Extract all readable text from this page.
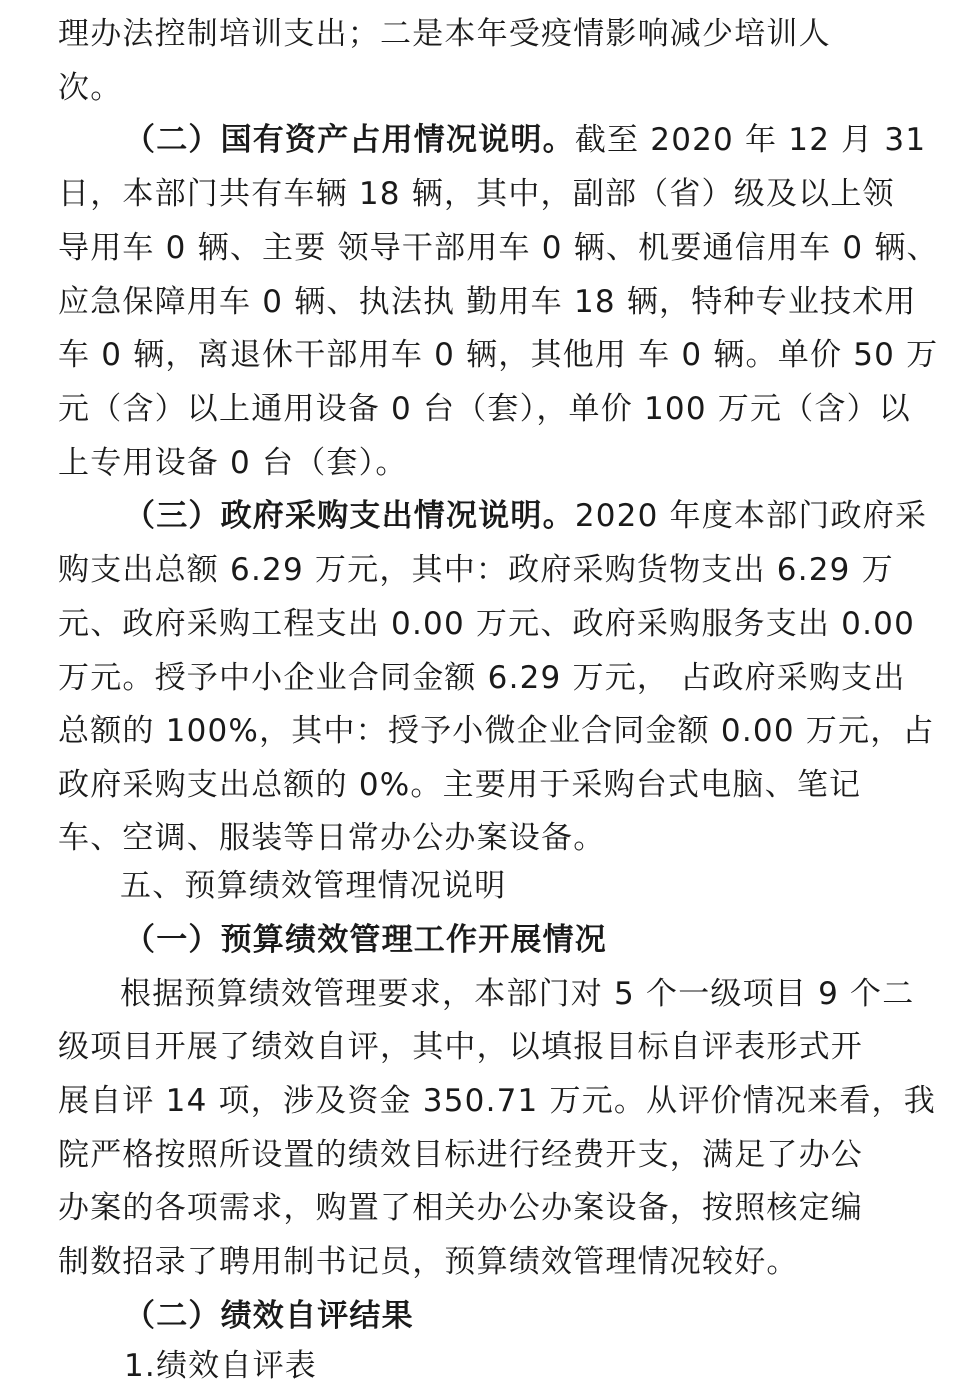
理办法控制培训支出；二是本年受疫情影响减少培训人
次。
（二）国有资产占用情况说明。截至 2020 年 12 月 31
日，本部门共有车辆 18 辆，其中，副部（省）级及以上领
导用车 0 辆、主要 领导干部用车 0 辆、机要通信用车 0 辆、
应急保障用车 0 辆、执法执 勤用车 18 辆，特种专业技术用
车 0 辆，离退休干部用车 0 辆，其他用 车 0 辆。单价 50 万
元（含）以上通用设备 0 台（套），单价 100 万元（含）以
上专用设备 0 台（套）。
（三）政府采购支出情况说明。2020 年度本部门政府采
购支出总额 6.29 万元，其中：政府采购货物支出 6.29 万
元、政府采购工程支出 0.00 万元、政府采购服务支出 0.00
万元。授予中小企业合同金额 6.29 万元， 占政府采购支出
总额的 100%，其中：授予小微企业合同金额 0.00 万元，占
政府采购支出总额的 0%。主要用于采购台式电脑、笔记
车、空调、服装等日常办公办案设备。
五、预算绩效管理情况说明
（一）预算绩效管理工作开展情况
根据预算绩效管理要求，本部门对 5 个一级项目 9 个二
级项目开展了绩效自评，其中，以填报目标自评表形式开
展自评 14 项，涉及资金 350.71 万元。从评价情况来看，我
院严格按照所设置的绩效目标进行经费开支，满足了办公
办案的各项需求，购置了相关办公办案设备，按照核定编
制数招录了聘用制书记员，预算绩效管理情况较好。
（二）绩效自评结果
1.绩效自评表
